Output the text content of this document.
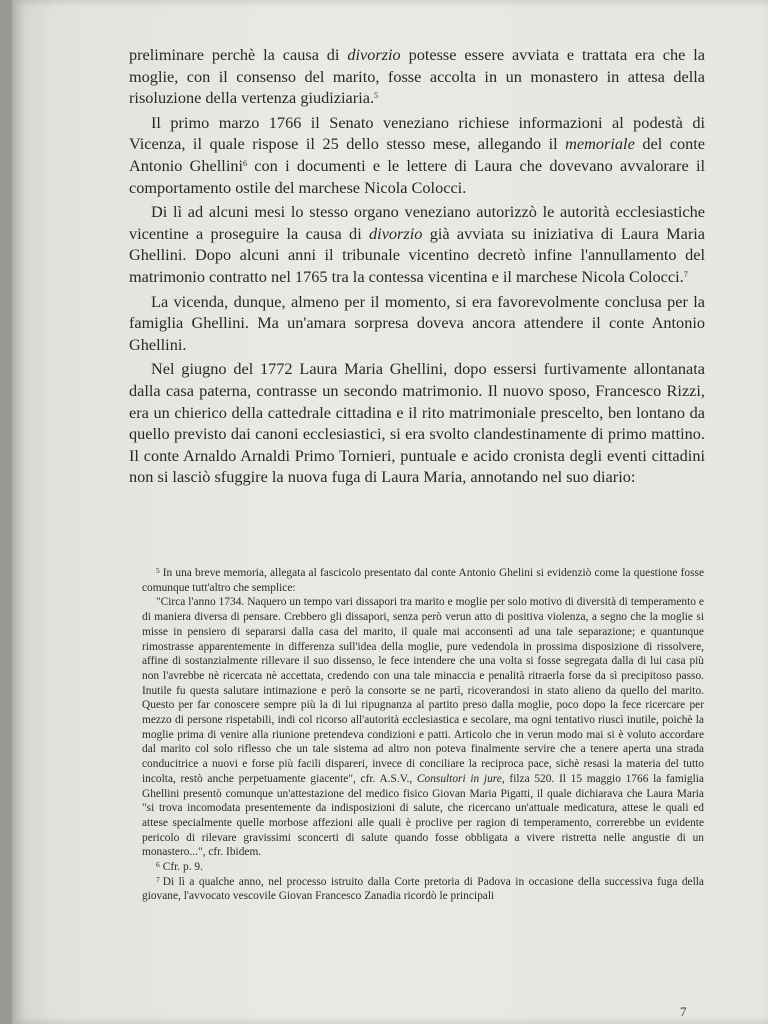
preliminare perchè la causa di divorzio potesse essere avviata e trattata era che la moglie, con il consenso del marito, fosse accolta in un monastero in attesa della risoluzione della vertenza giudiziaria.$^5$

Il primo marzo 1766 il Senato veneziano richiese informazioni al podestà di Vicenza, il quale rispose il 25 dello stesso mese, allegando il memoriale del conte Antonio Ghellini$^6$ con i documenti e le lettere di Laura che dovevano avvalorare il comportamento ostile del marchese Nicola Colocci.

Di lì ad alcuni mesi lo stesso organo veneziano autorizzò le autorità ecclesiastiche vicentine a proseguire la causa di divorzio già avviata su iniziativa di Laura Maria Ghellini. Dopo alcuni anni il tribunale vicentino decretò infine l'annullamento del matrimonio contratto nel 1765 tra la contessa vicentina e il marchese Nicola Colocci.$^7$

La vicenda, dunque, almeno per il momento, si era favorevolmente conclusa per la famiglia Ghellini. Ma un'amara sorpresa doveva ancora attendere il conte Antonio Ghellini.

Nel giugno del 1772 Laura Maria Ghellini, dopo essersi furtivamente allontanata dalla casa paterna, contrasse un secondo matrimonio. Il nuovo sposo, Francesco Rizzi, era un chierico della cattedrale cittadina e il rito matrimoniale prescelto, ben lontano da quello previsto dai canoni ecclesiastici, si era svolto clandestinamente di primo mattino. Il conte Arnaldo Arnaldi Primo Tornieri, puntuale e acido cronista degli eventi cittadini non si lasciò sfuggire la nuova fuga di Laura Maria, annotando nel suo diario:

$^5$ In una breve memoria, allegata al fascicolo presentato dal conte Antonio Ghelini si evidenziò come la questione fosse comunque tutt'altro che semplice:

"Circa l'anno 1734. Naquero un tempo vari dissapori tra marito e moglie per solo motivo di diversità di temperamento e di maniera diversa di pensare. Crebbero gli dissapori, senza però verun atto di positiva violenza, a segno che la moglie si misse in pensiero di separarsi dalla casa del marito, il quale mai acconsentì ad una tale separazione; e quantunque rimostrasse apparentemente in differenza sull'idea della moglie, pure vedendola in prossima disposizione di rissolvere, affine di sostanzialmente rillevare il suo dissenso, le fece intendere che una volta si fosse segregata dalla di lui casa più non l'avrebbe nè ricercata nè accettata, credendo con una tale minaccia e penalità ritraerla forse da sì precipitoso passo. Inutile fu questa salutare intimazione e però la consorte se ne partì, ricoverandosi in stato alieno da quello del marito. Questo per far conoscere sempre più la di lui ripugnanza al partito preso dalla moglie, poco dopo la fece ricercare per mezzo di persone rispetabili, indi col ricorso all'autorità ecclesiastica e secolare, ma ogni tentativo riuscì inutile, poichè la moglie prima di venire alla riunione pretendeva condizioni e patti. Articolo che in verun modo mai si è voluto accordare dal marito col solo riflesso che un tale sistema ad altro non poteva finalmente servire che a tenere aperta una strada conducitrice a nuovi e forse più facili dispareri, invece di conciliare la reciproca pace, sichè resasi la materia del tutto incolta, restò anche perpetuamente giacente", cfr. A.S.V., Consultori in jure, filza 520. Il 15 maggio 1766 la famiglia Ghellini presentò comunque un'attestazione del medico fisico Giovan Maria Pigatti, il quale dichiarava che Laura Maria "si trova incomodata presentemente da indisposizioni di salute, che ricercano un'attuale medicatura, attese le quali ed attese specialmente quelle morbose affezioni alle quali è proclive per ragion di temperamento, correrebbe un evidente pericolo di rilevare gravissimi sconcerti di salute quando fosse obbligata a vivere ristretta nelle angustie di un monastero...", cfr. Ibidem.

$^6$ Cfr. p. 9.

$^7$ Di lì a qualche anno, nel processo istruito dalla Corte pretoria di Padova in occasione della successiva fuga della giovane, l'avvocato vescovile Giovan Francesco Zanadia ricordò le principali

7
